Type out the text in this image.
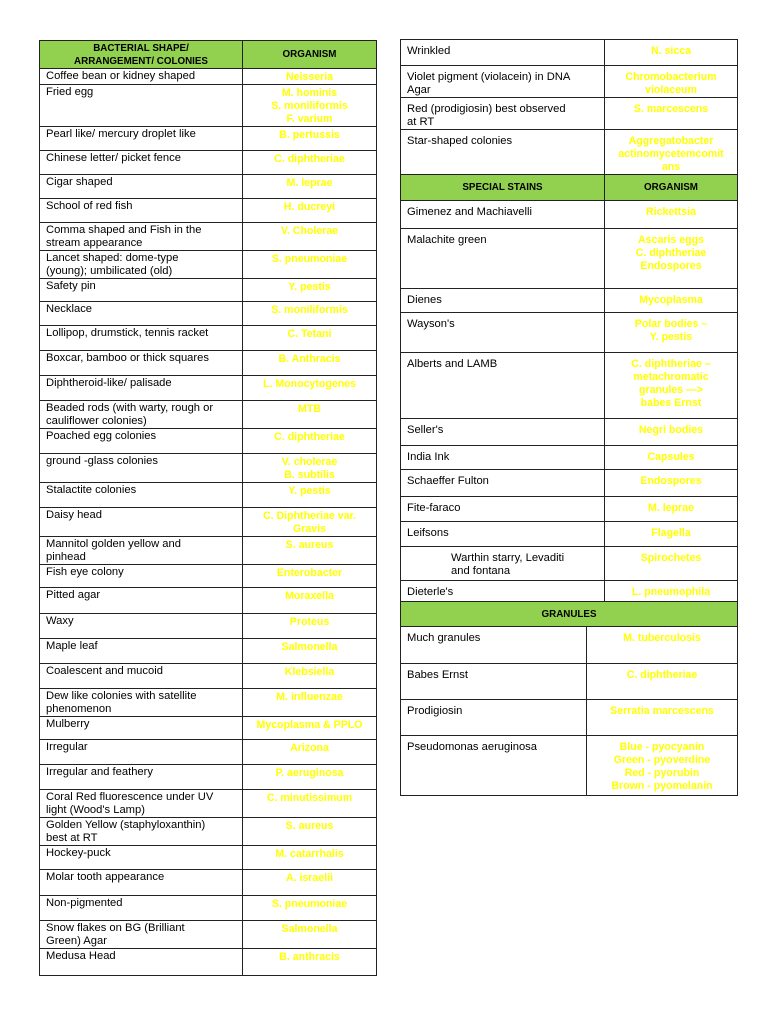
BACTERIAL SHAPE/
ARRANGEMENT/ COLONIES	ORGANISM
Coffee bean or kidney shaped	Neisseria
Fried egg	M. hominis
S. moniliformis
F. varium
Pearl like/ mercury droplet like	B. pertussis
Chinese letter/ picket fence	C. diphtheriae
Cigar shaped	M. leprae
School of red fish	H. ducreyi
Comma shaped and Fish in the
stream appearance	V. Cholerae
Lancet shaped: dome-type
(young); umbilicated (old)	S. pneumoniae
Safety pin	Y. pestis
Necklace	S. moniliformis
Lollipop, drumstick, tennis racket	C. Tetani
Boxcar, bamboo or thick squares	B. Anthracis
Diphtheroid-like/ palisade	L. Monocytogenes
Beaded rods (with warty, rough or
cauliflower colonies)	MTB
Poached egg colonies	C. diphtheriae
ground -glass colonies	V. cholerae
B. subtilis
Stalactite colonies	Y. pestis
Daisy head	C. Diphtheriae var.
Gravis
Mannitol golden yellow and
pinhead	S. aureus
Fish eye colony	Enterobacter
Pitted agar	Moraxella
Waxy	Proteus
Maple leaf	Salmonella
Coalescent and mucoid	Klebsiella
Dew like colonies with satellite
phenomenon	M. influenzae
Mulberry	Mycoplasma & PPLO
Irregular	Arizona
Irregular and feathery	P. aeruginosa
Coral Red fluorescence under UV
light (Wood's Lamp)	C. minutissimum
Golden Yellow (staphyloxanthin)
best at RT	S. aureus
Hockey-puck	M. catarrhalis
Molar tooth appearance	A. israelii
Non-pigmented	S. pneumoniae
Snow flakes on BG (Brilliant
Green) Agar	Salmonella
Medusa Head	B. anthracis
Wrinkled	N. sicca
Violet pigment (violacein) in DNA
Agar	Chromobacterium
violaceum
Red (prodigiosin) best observed
at RT	S. marcescens
Star-shaped colonies	Aggregatobacter
actinomycetemcomit
ans
SPECIAL STAINS	ORGANISM
Gimenez and Machiavelli	Rickettsia
Malachite green	Ascaris eggs
C. diphtheriae
Endospores
Dienes	Mycoplasma
Wayson's	Polar bodies –
Y. pestis
Alberts and LAMB	C. diphtheriae –
metachromatic
granules —>
babes Ernst
Seller's	Negri bodies
India Ink	Capsules
Schaeffer Fulton	Endospores
Fite-faraco	M. leprae
Leifsons	Flagella
Warthin starry, Levaditi
and fontana	Spirochetes
Dieterle's	L. pneumophila
GRANULES	
Much granules	M. tuberculosis
Babes Ernst	C. diphtheriae
Prodigiosin	Serratia marcescens
Pseudomonas aeruginosa	Blue - pyocyanin
Green - pyoverdine
Red - pyorubin
Brown - pyomelanin
